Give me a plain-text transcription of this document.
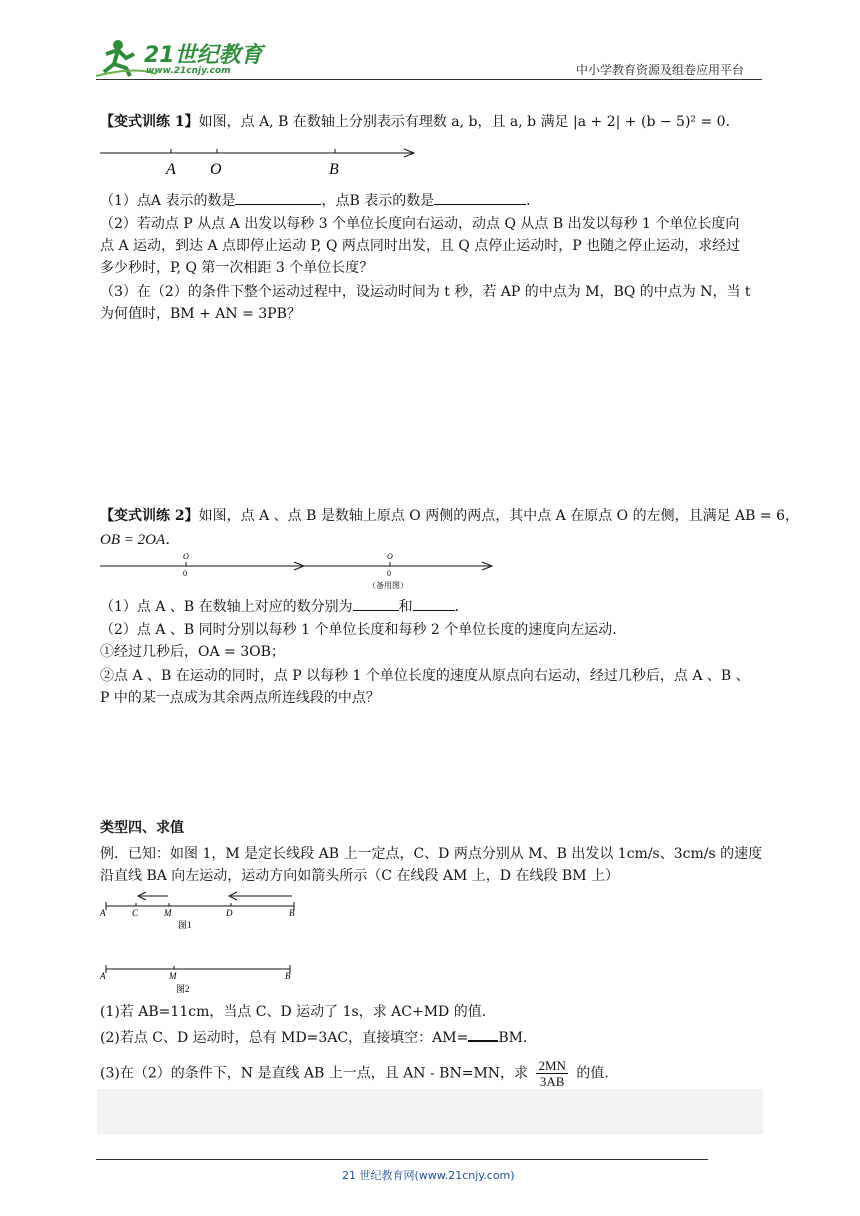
21世纪教育
www.21cnjy.com	中小学教育资源及组卷应用平台
【变式训练 1】如图，点 A, B 在数轴上分别表示有理数 a, b，且 a, b 满足 |a + 2| + (b − 5)² = 0．
A O	B
（1）点A 表示的数是	，点B 表示的数是	．
（2）若动点 P 从点 A 出发以每秒 3 个单位长度向右运动，动点 Q 从点 B 出发以每秒 1 个单位长度向
点 A 运动，到达 A 点即停止运动 P, Q 两点同时出发，且 Q 点停止运动时，P 也随之停止运动，求经过
多少秒时，P, Q 第一次相距 3 个单位长度？
（3）在（2）的条件下整个运动过程中，设运动时间为 t 秒，若 AP 的中点为 M，BQ 的中点为 N，当 t
为何值时，BM + AN = 3PB？
【变式训练 2】如图，点 A 、点 B 是数轴上原点 O 两侧的两点，其中点 A 在原点 O 的左侧，且满足 AB = 6，
OB = 2OA．
O
0
O
0
（备用图）
（1）点 A 、B 在数轴上对应的数分别为	和	．
（2）点 A 、B 同时分别以每秒 1 个单位长度和每秒 2 个单位长度的速度向左运动．
①经过几秒后，OA = 3OB；
②点 A 、B 在运动的同时，点 P 以每秒 1 个单位长度的速度从原点向右运动，经过几秒后，点 A 、B 、
P 中的某一点成为其余两点所连线段的中点？
类型四、求值
例．已知：如图 1，M 是定长线段 AB 上一定点，C、D 两点分别从 M、B 出发以 1cm/s、3cm/s 的速度
沿直线 BA 向左运动，运动方向如箭头所示（C 在线段 AM 上，D 在线段 BM 上）
A	C	M	D	B
图1
A	M	B
图2
(1)若 AB=11cm，当点 C、D 运动了 1s，求 AC+MD 的值．
(2)若点 C、D 运动时，总有 MD=3AC，直接填空：AM= BM．
(3)在（2）的条件下，N 是直线 AB 上一点，且 AN - BN=MN，求 $\frac{2MN}{3AB}$ 的值．
21 世纪教育网(www.21cnjy.com)
